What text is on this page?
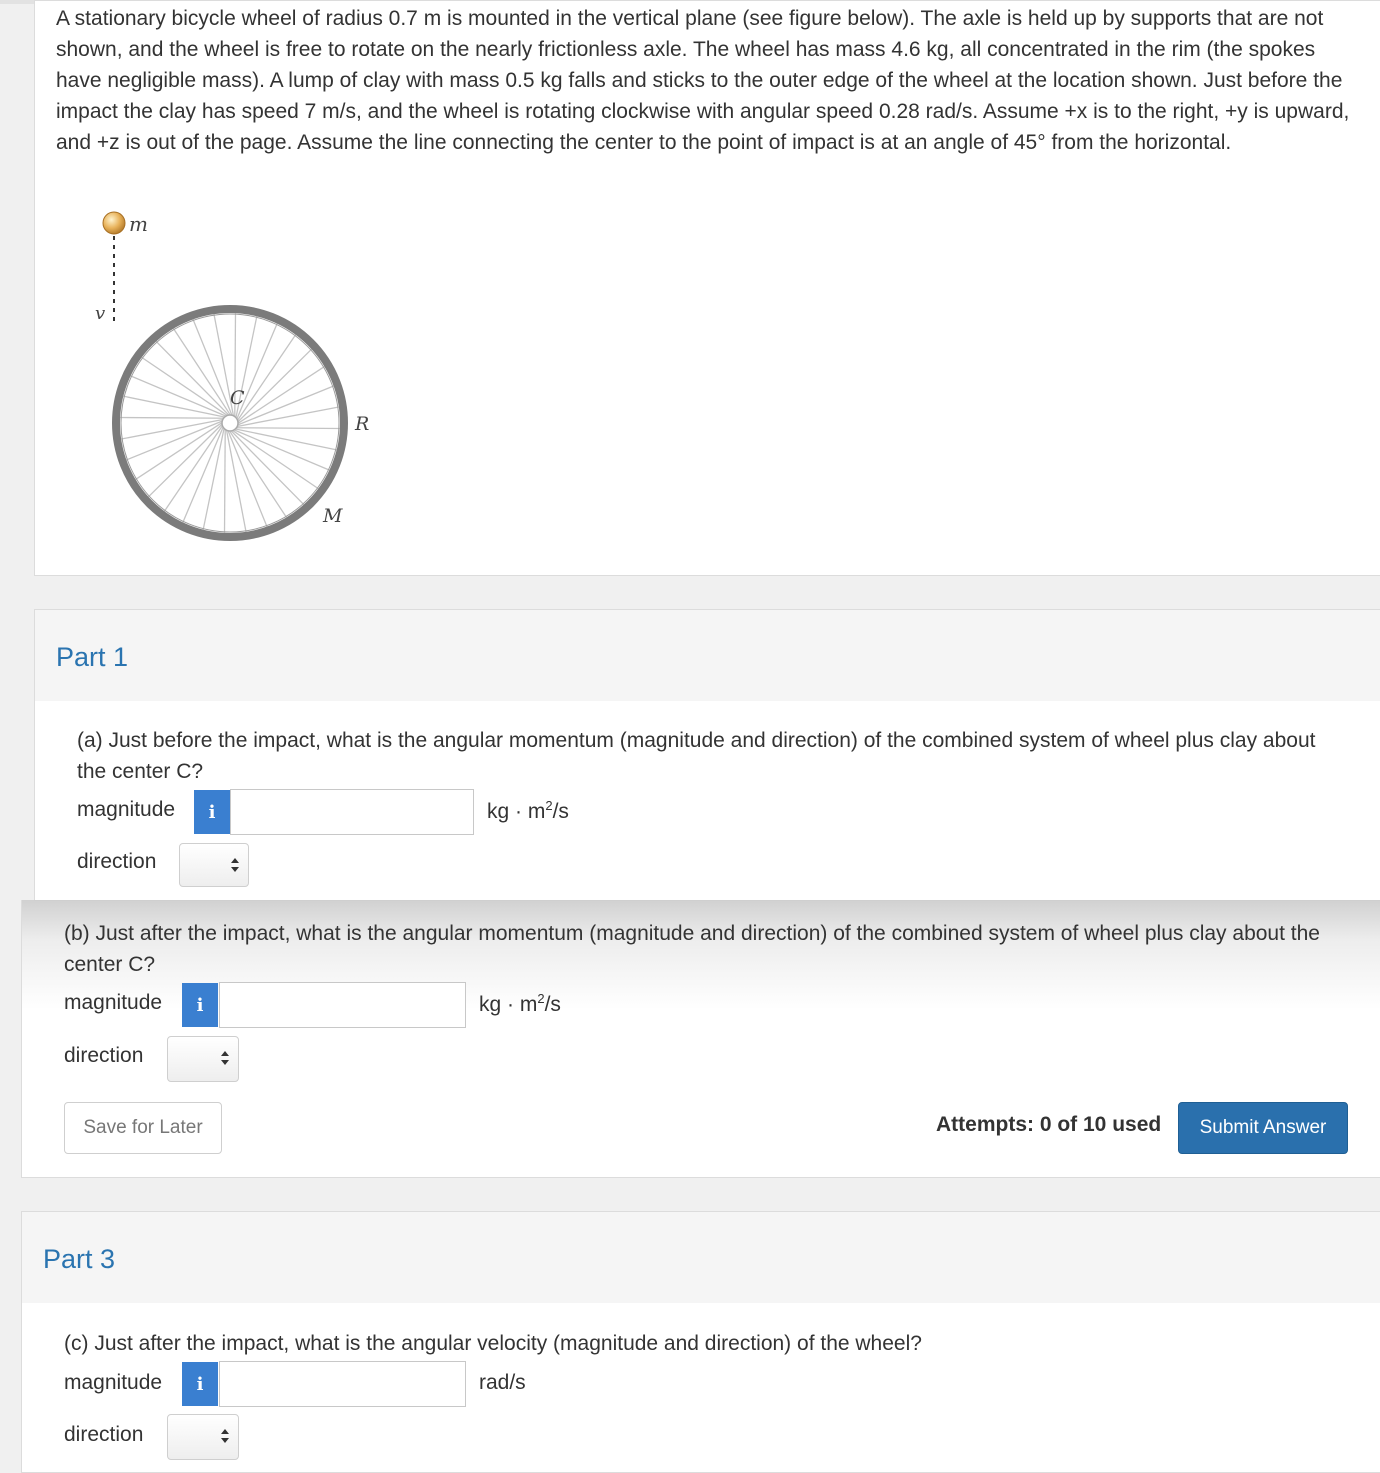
A stationary bicycle wheel of radius 0.7 m is mounted in the vertical plane (see figure below). The axle is held up by supports that are not shown, and the wheel is free to rotate on the nearly frictionless axle. The wheel has mass 4.6 kg, all concentrated in the rim (the spokes have negligible mass). A lump of clay with mass 0.5 kg falls and sticks to the outer edge of the wheel at the location shown. Just before the impact the clay has speed 7 m/s, and the wheel is rotating clockwise with angular speed 0.28 rad/s. Assume +x is to the right, +y is upward, and +z is out of the page. Assume the line connecting the center to the point of impact is at an angle of 45° from the horizontal.

m
v
C
R
M
Part 1

(a) Just before the impact, what is the angular momentum (magnitude and direction) of the combined system of wheel plus clay about the center C?

magnitude	i	kg · $m^2/s$
direction

(b) Just after the impact, what is the angular momentum (magnitude and direction) of the combined system of wheel plus clay about the center C?

magnitude	i	kg · $m^2/s$
direction
Save for Later	Attempts: 0 of 10 used	Submit Answer
Part 3

(c) Just after the impact, what is the angular velocity (magnitude and direction) of the wheel?

magnitude	i	rad/s
direction
